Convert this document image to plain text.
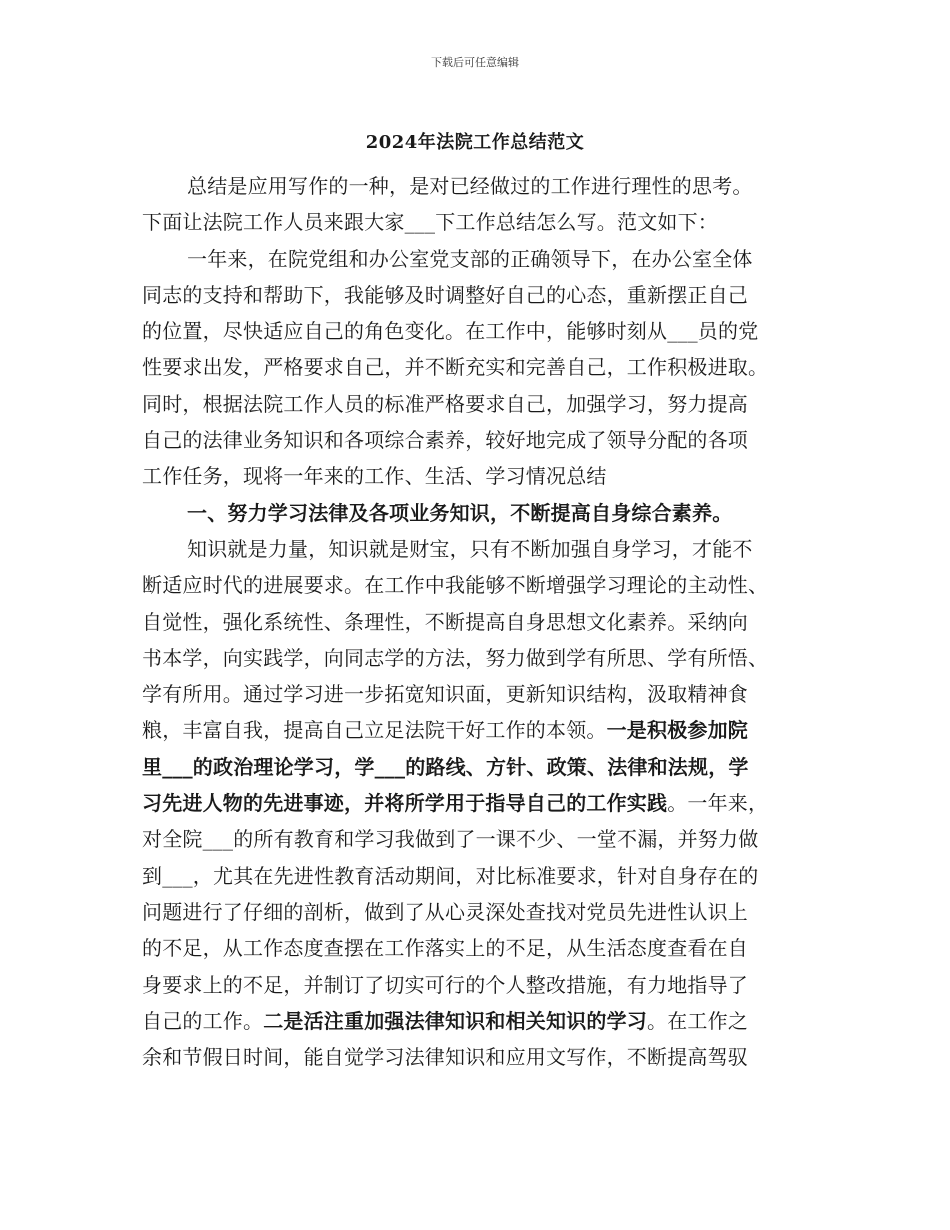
下载后可任意编辑
2024年法院工作总结范文
总结是应用写作的一种，是对已经做过的工作进行理性的思考。
下面让法院工作人员来跟大家___下工作总结怎么写。范文如下：
一年来，在院党组和办公室党支部的正确领导下，在办公室全体
同志的支持和帮助下，我能够及时调整好自己的心态，重新摆正自己
的位置，尽快适应自己的角色变化。在工作中，能够时刻从___员的党
性要求出发，严格要求自己，并不断充实和完善自己，工作积极进取。
同时，根据法院工作人员的标准严格要求自己，加强学习，努力提高
自己的法律业务知识和各项综合素养，较好地完成了领导分配的各项
工作任务，现将一年来的工作、生活、学习情况总结
一、努力学习法律及各项业务知识，不断提高自身综合素养。
知识就是力量，知识就是财宝，只有不断加强自身学习，才能不
断适应时代的进展要求。在工作中我能够不断增强学习理论的主动性、
自觉性，强化系统性、条理性，不断提高自身思想文化素养。采纳向
书本学，向实践学，向同志学的方法，努力做到学有所思、学有所悟、
学有所用。通过学习进一步拓宽知识面，更新知识结构，汲取精神食
粮，丰富自我，提高自己立足法院干好工作的本领。一是积极参加院
里___的政治理论学习，学___的路线、方针、政策、法律和法规，学
习先进人物的先进事迹，并将所学用于指导自己的工作实践。一年来，
对全院___的所有教育和学习我做到了一课不少、一堂不漏，并努力做
到___，尤其在先进性教育活动期间，对比标准要求，针对自身存在的
问题进行了仔细的剖析，做到了从心灵深处查找对党员先进性认识上
的不足，从工作态度查摆在工作落实上的不足，从生活态度查看在自
身要求上的不足，并制订了切实可行的个人整改措施，有力地指导了
自己的工作。二是活注重加强法律知识和相关知识的学习。在工作之
余和节假日时间，能自觉学习法律知识和应用文写作，不断提高驾驭
